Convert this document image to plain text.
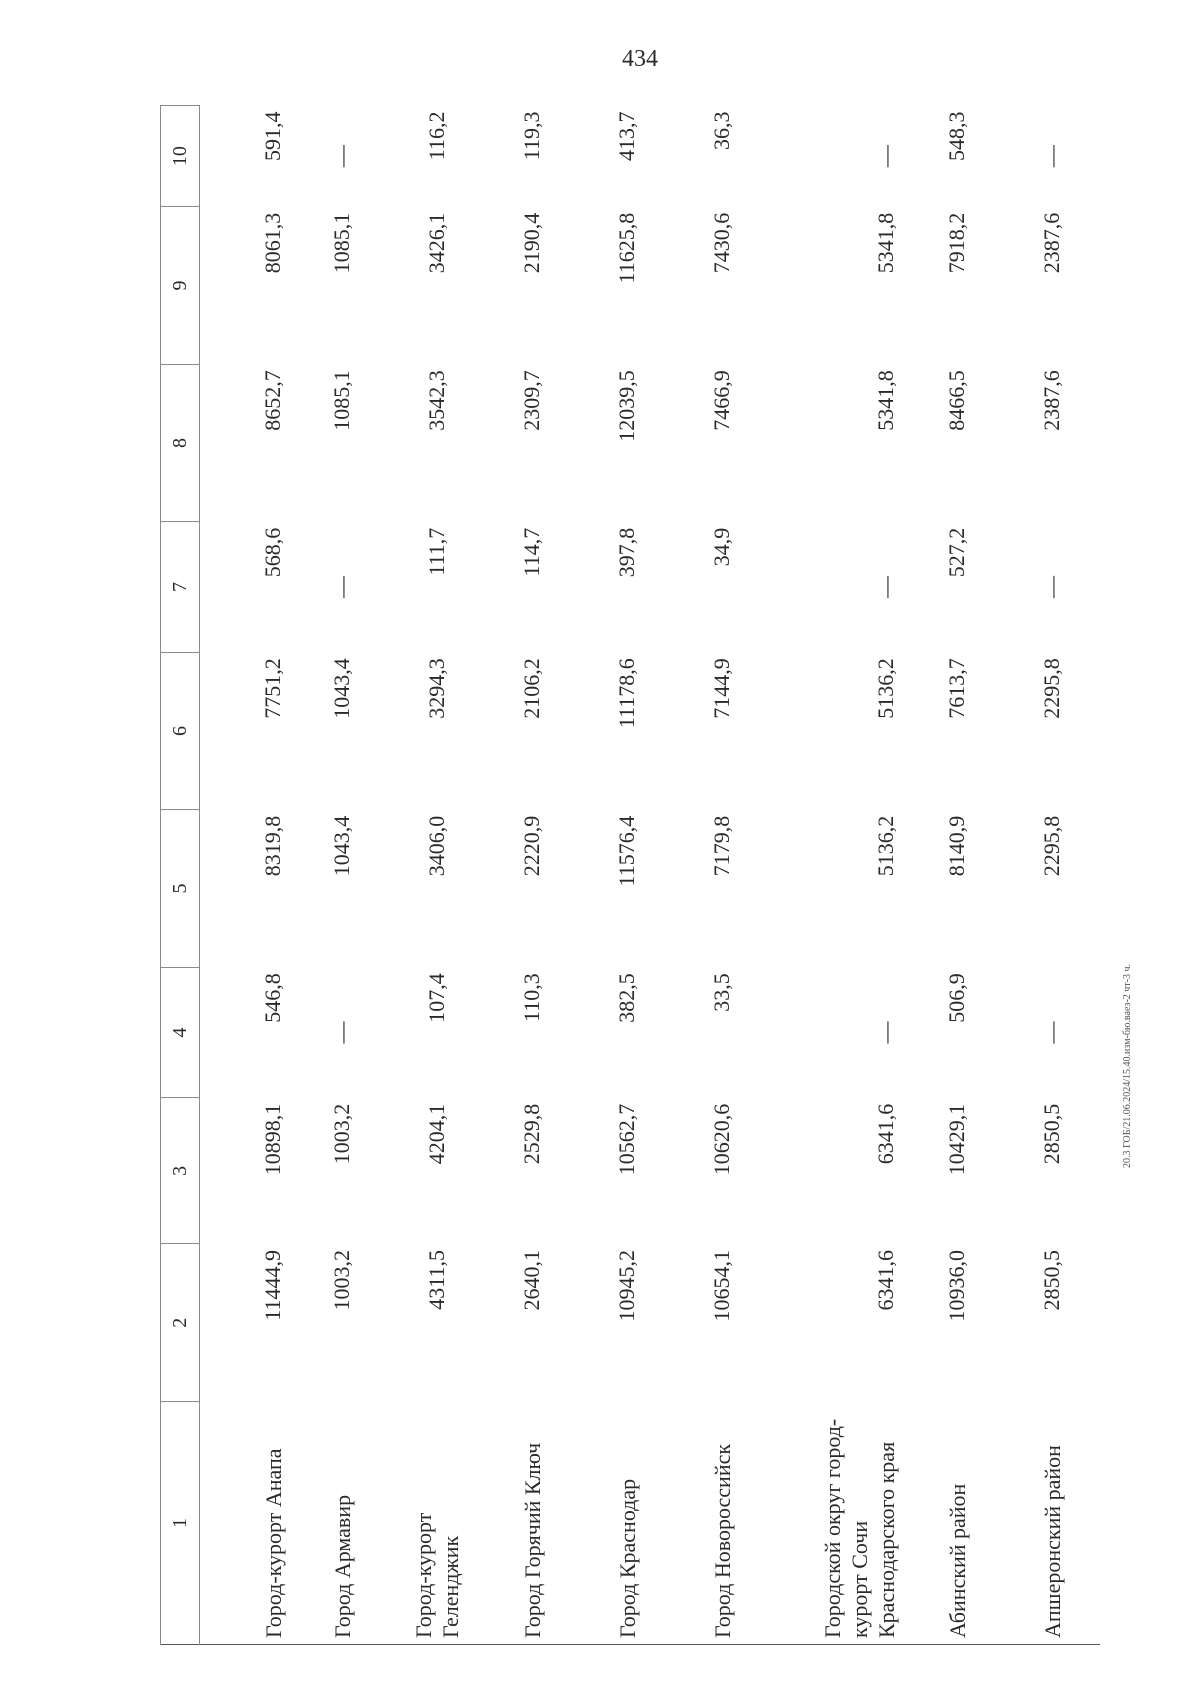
434
20.3 ГОБ/21.06.2024/15.40.изм-бю.ваез-2 чт-3 ч.
1	2	3	4	5	6	7	8	9	10
Город-курорт Анапа	11444,9	10898,1	546,8	8319,8	7751,2	568,6	8652,7	8061,3	591,4
Город Армавир	1003,2	1003,2	—	1043,4	1043,4	—	1085,1	1085,1	—
Город-курорт Геленджик	4311,5	4204,1	107,4	3406,0	3294,3	111,7	3542,3	3426,1	116,2
Город Горячий Ключ	2640,1	2529,8	110,3	2220,9	2106,2	114,7	2309,7	2190,4	119,3
Город Краснодар	10945,2	10562,7	382,5	11576,4	11178,6	397,8	12039,5	11625,8	413,7
Город Новороссийск	10654,1	10620,6	33,5	7179,8	7144,9	34,9	7466,9	7430,6	36,3
Городской округ город-курорт Сочи Краснодарского края	6341,6	6341,6	—	5136,2	5136,2	—	5341,8	5341,8	—
Абинский район	10936,0	10429,1	506,9	8140,9	7613,7	527,2	8466,5	7918,2	548,3
Апшеронский район	2850,5	2850,5	—	2295,8	2295,8	—	2387,6	2387,6	—
